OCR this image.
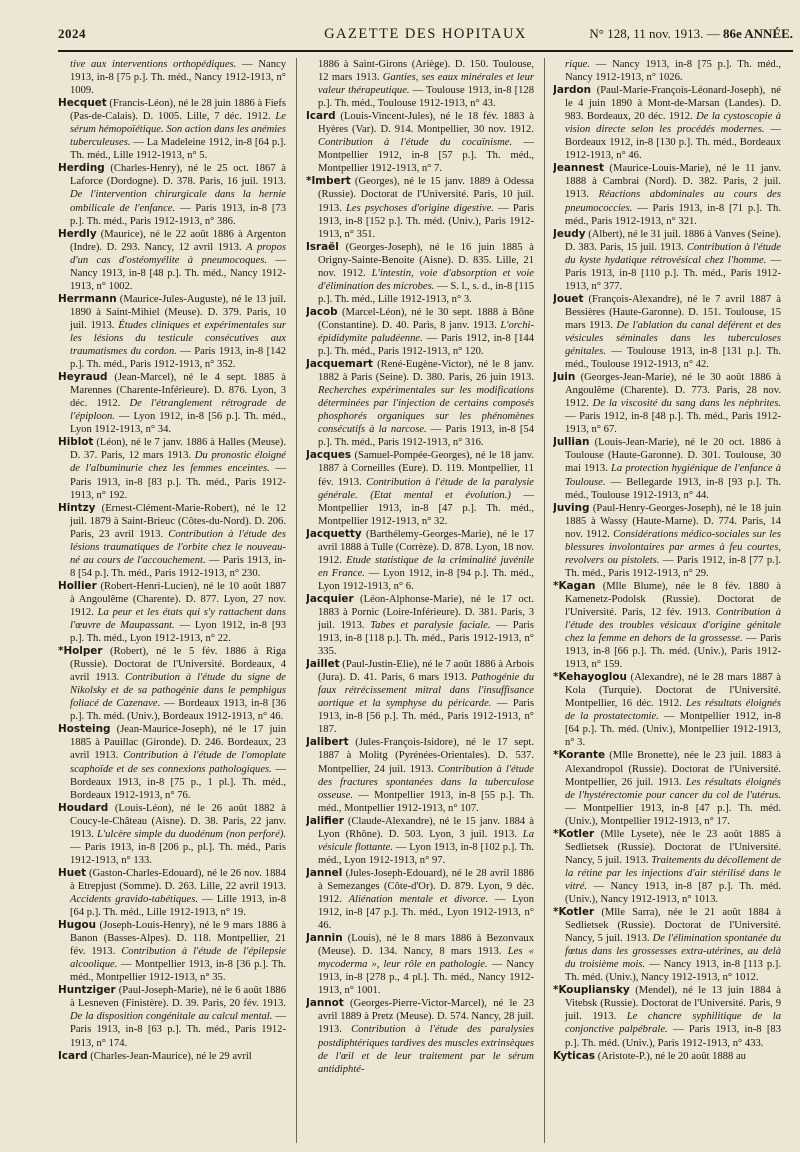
2024	GAZETTE DES HOPITAUX	N° 128, 11 nov. 1913. — 86e ANNÉE.

tive aux interventions orthopédiques. — Nancy 1913, in-8 [75 p.]. Th. méd., Nancy 1912-1913, n° 1009.

Hecquet (Francis-Léon), né le 28 juin 1886 à Fiefs (Pas-de-Calais). D. 1005. Lille, 7 déc. 1912. Le sérum hémopoïétique. Son action dans les anémies tuberculeuses. — La Madeleine 1912, in-8 [64 p.]. Th. méd., Lille 1912-1913, n° 5.

Herding (Charles-Henry), né le 25 oct. 1867 à Laforce (Dordogne). D. 378. Paris, 16 juil. 1913. De l'intervention chirurgicale dans la hernie ombilicale de l'enfance. — Paris 1913, in-8 [73 p.]. Th. méd., Paris 1912-1913, n° 386.

Herdly (Maurice), né le 22 août 1886 à Argenton (Indre). D. 293. Nancy, 12 avril 1913. A propos d'un cas d'ostéomyélite à pneumocoques. — Nancy 1913, in-8 [48 p.]. Th. méd., Nancy 1912-1913, n° 1002.

Herrmann (Maurice-Jules-Auguste), né le 13 juil. 1890 à Saint-Mihiel (Meuse). D. 379. Paris, 10 juil. 1913. Études cliniques et expérimentales sur les lésions du testicule consécutives aux traumatismes du cordon. — Paris 1913, in-8 [142 p.]. Th. méd., Paris 1912-1913, n° 352.

Heyraud (Jean-Marcel), né le 4 sept. 1885 à Marennes (Charente-Inférieure). D. 876. Lyon, 3 déc. 1912. De l'étranglement rétrograde de l'épiploon. — Lyon 1912, in-8 [56 p.]. Th. méd., Lyon 1912-1913, n° 34.

Hiblot (Léon), né le 7 janv. 1886 à Halles (Meuse). D. 37. Paris, 12 mars 1913. Du pronostic éloigné de l'albuminurie chez les femmes enceintes. — Paris 1913, in-8 [83 p.]. Th. méd., Paris 1912-1913, n° 192.

Hintzy (Ernest-Clément-Marie-Robert), né le 12 juil. 1879 à Saint-Brieuc (Côtes-du-Nord). D. 206. Paris, 23 avril 1913. Contribution à l'étude des lésions traumatiques de l'orbite chez le nouveau-né au cours de l'accouchement. — Paris 1913, in-8 [54 p.]. Th. méd., Paris 1912-1913, n° 230.

Hollier (Robert-Henri-Lucien), né le 10 août 1887 à Angoulême (Charente). D. 877. Lyon, 27 nov. 1912. La peur et les états qui s'y rattachent dans l'œuvre de Maupassant. — Lyon 1912, in-8 [93 p.]. Th. méd., Lyon 1912-1913, n° 22.

*Holper (Robert), né le 5 fév. 1886 à Riga (Russie). Doctorat de l'Université. Bordeaux, 4 avril 1913. Contribution à l'étude du signe de Nikolsky et de sa pathogénie dans le pemphigus foliacé de Cazenave. — Bordeaux 1913, in-8 [36 p.]. Th. méd. (Univ.), Bordeaux 1912-1913, n° 46.

Hosteing (Jean-Maurice-Joseph), né le 17 juin 1885 à Pauillac (Gironde). D. 246. Bordeaux, 23 avril 1913. Contribution à l'étude de l'omoplate scaphoïde et de ses connexions pathologiques. — Bordeaux 1913, in-8 [75 p., 1 pl.]. Th. méd., Bordeaux 1912-1913, n° 76.

Houdard (Louis-Léon), né le 26 août 1882 à Coucy-le-Château (Aisne). D. 38. Paris, 22 janv. 1913. L'ulcère simple du duodénum (non perforé). — Paris 1913, in-8 [206 p., pl.]. Th. méd., Paris 1912-1913, n° 133.

Huet (Gaston-Charles-Edouard), né le 26 nov. 1884 à Etrepjust (Somme). D. 263. Lille, 22 avril 1913. Accidents gravido-tabétiques. — Lille 1913, in-8 [64 p.]. Th. méd., Lille 1912-1913, n° 19.

Hugou (Joseph-Louis-Henry), né le 9 mars 1886 à Banon (Basses-Alpes). D. 118. Montpellier, 21 fév. 1913. Contribution à l'étude de l'épilepsie alcoolique. — Montpellier 1913, in-8 [36 p.]. Th. méd., Montpellier 1912-1913, n° 35.

Huntziger (Paul-Joseph-Marie), né le 6 août 1886 à Lesneven (Finistère). D. 39. Paris, 20 fév. 1913. De la disposition congénitale au calcul mental. — Paris 1913, in-8 [63 p.]. Th. méd., Paris 1912-1913, n° 174.

Icard (Charles-Jean-Maurice), né le 29 avril

1886 à Saint-Girons (Ariège). D. 150. Toulouse, 12 mars 1913. Ganties, ses eaux minérales et leur valeur thérapeutique. — Toulouse 1913, in-8 [128 p.]. Th. méd., Toulouse 1912-1913, n° 43.

Icard (Louis-Vincent-Jules), né le 18 fév. 1883 à Hyères (Var). D. 914. Montpellier, 30 nov. 1912. Contribution à l'étude du cocaïnisme. — Montpellier 1912, in-8 [57 p.]. Th. méd., Montpellier 1912-1913, n° 7.

*Imbert (Georges), né le 15 janv. 1889 à Odessa (Russie). Doctorat de l'Université. Paris, 10 juil. 1913. Les psychoses d'origine digestive. — Paris 1913, in-8 [152 p.]. Th. méd. (Univ.), Paris 1912-1913, n° 351.

Israël (Georges-Joseph), né le 16 juin 1885 à Origny-Sainte-Benoite (Aisne). D. 835. Lille, 21 nov. 1912. L'intestin, voie d'absorption et voie d'élimination des microbes. — S. l., s. d., in-8 [115 p.]. Th. méd., Lille 1912-1913, n° 3.

Jacob (Marcel-Léon), né le 30 sept. 1888 à Bône (Constantine). D. 40. Paris, 8 janv. 1913. L'orchi-épididymite paludéenne. — Paris 1912, in-8 [144 p.]. Th. méd., Paris 1912-1913, n° 120.

Jacquemart (René-Eugène-Victor), né le 8 janv. 1882 à Paris (Seine). D. 380. Paris, 26 juin 1913. Recherches expérimentales sur les modifications déterminées par l'injection de certains composés phosphorés organiques sur les phénomènes consécutifs à la narcose. — Paris 1913, in-8 [54 p.]. Th. méd., Paris 1912-1913, n° 316.

Jacques (Samuel-Pompée-Georges), né le 18 janv. 1887 à Corneilles (Eure). D. 119. Montpellier, 11 fév. 1913. Contribution à l'étude de la paralysie générale. (Etat mental et évolution.) — Montpellier 1913, in-8 [47 p.]. Th. méd., Montpellier 1912-1913, n° 32.

Jacquetty (Barthélemy-Georges-Marie), né le 17 avril 1888 à Tulle (Corrèze). D. 878. Lyon, 18 nov. 1912. Etude statistique de la criminalité juvénile en France. — Lyon 1912, in-8 [94 p.]. Th. méd., Lyon 1912-1913, n° 6.

Jacquier (Léon-Alphonse-Marie), né le 17 oct. 1883 à Pornic (Loire-Inférieure). D. 381. Paris, 3 juil. 1913. Tabes et paralysie faciale. — Paris 1913, in-8 [118 p.]. Th. méd., Paris 1912-1913, n° 335.

Jaillet (Paul-Justin-Elie), né le 7 août 1886 à Arbois (Jura). D. 41. Paris, 6 mars 1913. Pathogénie du faux rétrécissement mitral dans l'insuffisance aortique et la symphyse du péricarde. — Paris 1913, in-8 [56 p.]. Th. méd., Paris 1912-1913, n° 187.

Jalibert (Jules-François-Isidore), né le 17 sept. 1887 à Molitg (Pyrénées-Orientales). D. 537. Montpellier, 24 juil. 1913. Contribution à l'étude des fractures spontanées dans la tuberculose osseuse. — Montpellier 1913, in-8 [55 p.]. Th. méd., Montpellier 1912-1913, n° 107.

Jalifier (Claude-Alexandre), né le 15 janv. 1884 à Lyon (Rhône). D. 503. Lyon, 3 juil. 1913. La vésicule flottante. — Lyon 1913, in-8 [102 p.]. Th. méd., Lyon 1912-1913, n° 97.

Jannel (Jules-Joseph-Edouard), né le 28 avril 1886 à Semezanges (Côte-d'Or). D. 879. Lyon, 9 déc. 1912. Aliénation mentale et divorce. — Lyon 1912, in-8 [47 p.]. Th. méd., Lyon 1912-1913, n° 46.

Jannin (Louis), né le 8 mars 1886 à Bezonvaux (Meuse). D. 134. Nancy, 8 mars 1913. Les « mycoderma », leur rôle en pathologie. — Nancy 1913, in-8 [278 p., 4 pl.]. Th. méd., Nancy 1912-1913, n° 1001.

Jannot (Georges-Pierre-Victor-Marcel), né le 23 avril 1889 à Pretz (Meuse). D. 574. Nancy, 28 juil. 1913. Contribution à l'étude des paralysies postdiphtériques tardives des muscles extrinsèques de l'œil et de leur traitement par le sérum antidiphté-

rique. — Nancy 1913, in-8 [75 p.]. Th. méd., Nancy 1912-1913, n° 1026.

Jardon (Paul-Marie-François-Léonard-Joseph), né le 4 juin 1890 à Mont-de-Marsan (Landes). D. 983. Bordeaux, 20 déc. 1912. De la cystoscopie à vision directe selon les procédés modernes. — Bordeaux 1912, in-8 [130 p.]. Th. méd., Bordeaux 1912-1913, n° 46.

Jeannest (Maurice-Louis-Marie), né le 11 janv. 1888 à Cambrai (Nord). D. 382. Paris, 2 juil. 1913. Réactions abdominales au cours des pneumococcies. — Paris 1913, in-8 [71 p.]. Th. méd., Paris 1912-1913, n° 321.

Jeudy (Albert), né le 31 juil. 1886 à Vanves (Seine). D. 383. Paris, 15 juil. 1913. Contribution à l'étude du kyste hydatique rétrovésical chez l'homme. — Paris 1913, in-8 [110 p.]. Th. méd., Paris 1912-1913, n° 377.

Jouet (François-Alexandre), né le 7 avril 1887 à Bessières (Haute-Garonne). D. 151. Toulouse, 15 mars 1913. De l'ablation du canal déférent et des vésicules séminales dans les tuberculoses génitales. — Toulouse 1913, in-8 [131 p.]. Th. méd., Toulouse 1912-1913, n° 42.

Juin (Georges-Jean-Marie), né le 30 août 1886 à Angoulême (Charente). D. 773. Paris, 28 nov. 1912. De la viscosité du sang dans les néphrites. — Paris 1912, in-8 [48 p.]. Th. méd., Paris 1912-1913, n° 67.

Jullian (Louis-Jean-Marie), né le 20 oct. 1886 à Toulouse (Haute-Garonne). D. 301. Toulouse, 30 mai 1913. La protection hygiénique de l'enfance à Toulouse. — Bellegarde 1913, in-8 [93 p.]. Th. méd., Toulouse 1912-1913, n° 44.

Juving (Paul-Henry-Georges-Joseph), né le 18 juin 1885 à Wassy (Haute-Marne). D. 774. Paris, 14 nov. 1912. Considérations médico-sociales sur les blessures involontaires par armes à feu courtes, revolvers ou pistolets. — Paris 1912, in-8 [77 p.]. Th. méd., Paris 1912-1913, n° 29.

*Kagan (Mlle Blume), née le 8 fév. 1880 à Kamenetz-Podolsk (Russie). Doctorat de l'Université. Paris, 12 fév. 1913. Contribution à l'étude des troubles vésicaux d'origine génitale chez la femme en dehors de la grossesse. — Paris 1913, in-8 [66 p.]. Th. méd. (Univ.), Paris 1912-1913, n° 159.

*Kehayoglou (Alexandre), né le 28 mars 1887 à Kola (Turquie). Doctorat de l'Université. Montpellier, 16 déc. 1912. Les résultats éloignés de la prostatectomie. — Montpellier 1912, in-8 [64 p.]. Th. méd. (Univ.), Montpellier 1912-1913, n° 3.

*Korante (Mlle Bronette), née le 23 juil. 1883 à Alexandropol (Russie). Doctorat de l'Université. Montpellier, 26 juil. 1913. Les résultats éloignés de l'hystérectomie pour cancer du col de l'utérus. — Montpellier 1913, in-8 [47 p.]. Th. méd. (Univ.), Montpellier 1912-1913, n° 17.

*Kotler (Mlle Lysete), née le 23 août 1885 à Sedlietsek (Russie). Doctorat de l'Université. Nancy, 5 juil. 1913. Traitements du décollement de la rétine par les injections d'air stérilisé dans le vitré. — Nancy 1913, in-8 [87 p.]. Th. méd. (Univ.), Nancy 1912-1913, n° 1013.

*Kotler (Mlle Sarra), née le 21 août 1884 à Sedlietsek (Russie). Doctorat de l'Université. Nancy, 5 juil. 1913. De l'élimination spontanée du fœtus dans les grossesses extra-utérines, au delà du troisième mois. — Nancy 1913, in-8 [113 p.]. Th. méd. (Univ.), Nancy 1912-1913, n° 1012.

*Koupliansky (Mendel), né le 13 juin 1884 à Vitebsk (Russie). Doctorat de l'Université. Paris, 9 juil. 1913. Le chancre syphilitique de la conjonctive palpébrale. — Paris 1913, in-8 [83 p.]. Th. méd. (Univ.), Paris 1912-1913, n° 433.

Kyticas (Aristote-P.), né le 20 août 1888 au
